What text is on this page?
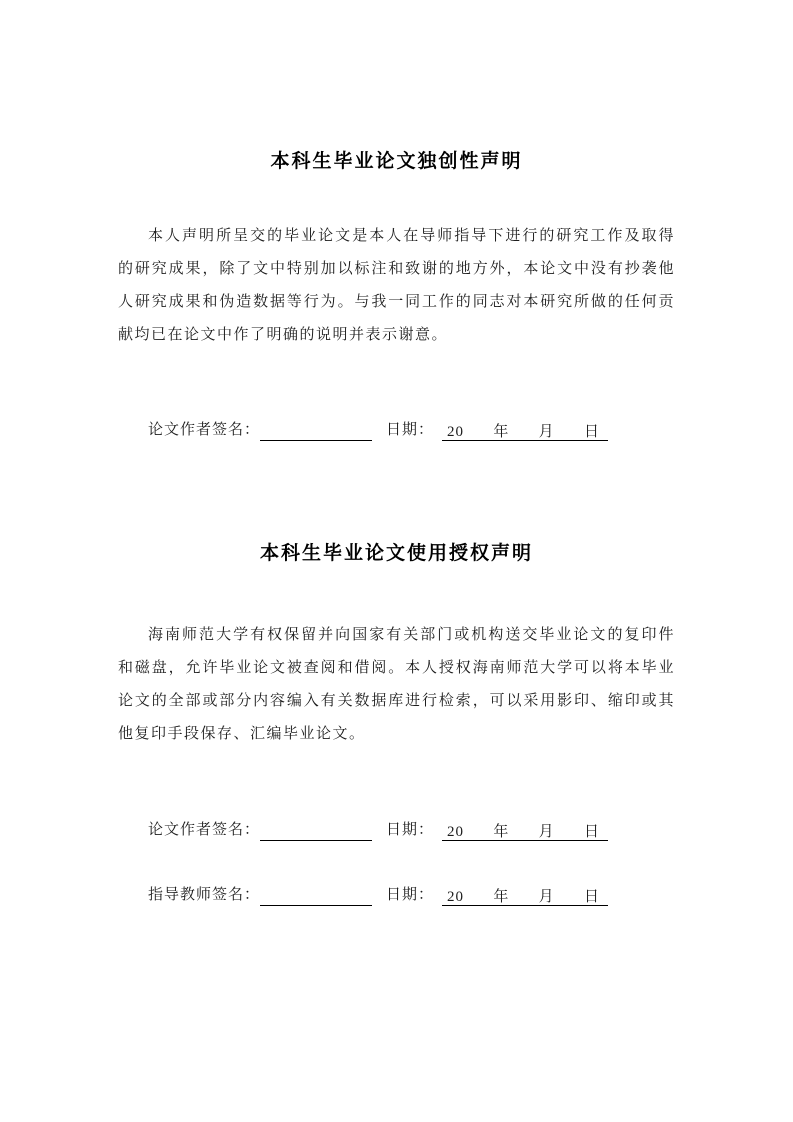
本科生毕业论文独创性声明

本人声明所呈交的毕业论文是本人在导师指导下进行的研究工作及取得的研究成果，除了文中特别加以标注和致谢的地方外，本论文中没有抄袭他人研究成果和伪造数据等行为。与我一同工作的同志对本研究所做的任何贡献均已在论文中作了明确的说明并表示谢意。

论文作者签名：	日期： 20 年 月 日
本科生毕业论文使用授权声明

海南师范大学有权保留并向国家有关部门或机构送交毕业论文的复印件和磁盘，允许毕业论文被查阅和借阅。本人授权海南师范大学可以将本毕业论文的全部或部分内容编入有关数据库进行检索，可以采用影印、缩印或其他复印手段保存、汇编毕业论文。

论文作者签名：	日期： 20 年 月 日
指导教师签名：	日期： 20 年 月 日
